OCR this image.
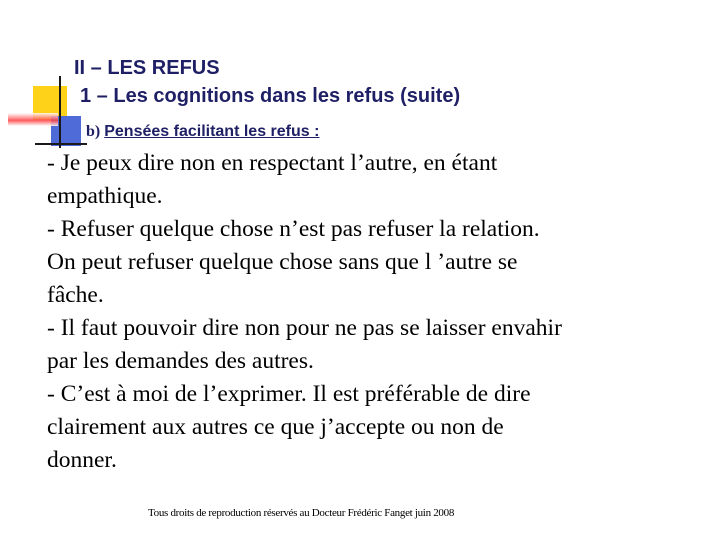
II – LES REFUS
1 – Les cognitions dans les refus (suite)
b) Pensées facilitant les refus :
- Je peux dire non en respectant l’autre, en étant
empathique.
- Refuser quelque chose n’est pas refuser la relation.
On peut refuser quelque chose sans que l ’autre se
fâche.
- Il faut pouvoir dire non pour ne pas se laisser envahir
par les demandes des autres.
- C’est à moi de l’exprimer. Il est préférable de dire
clairement aux autres ce que j’accepte ou non de
donner.

Tous droits de reproduction réservés au Docteur Frédéric Fanget juin 2008
